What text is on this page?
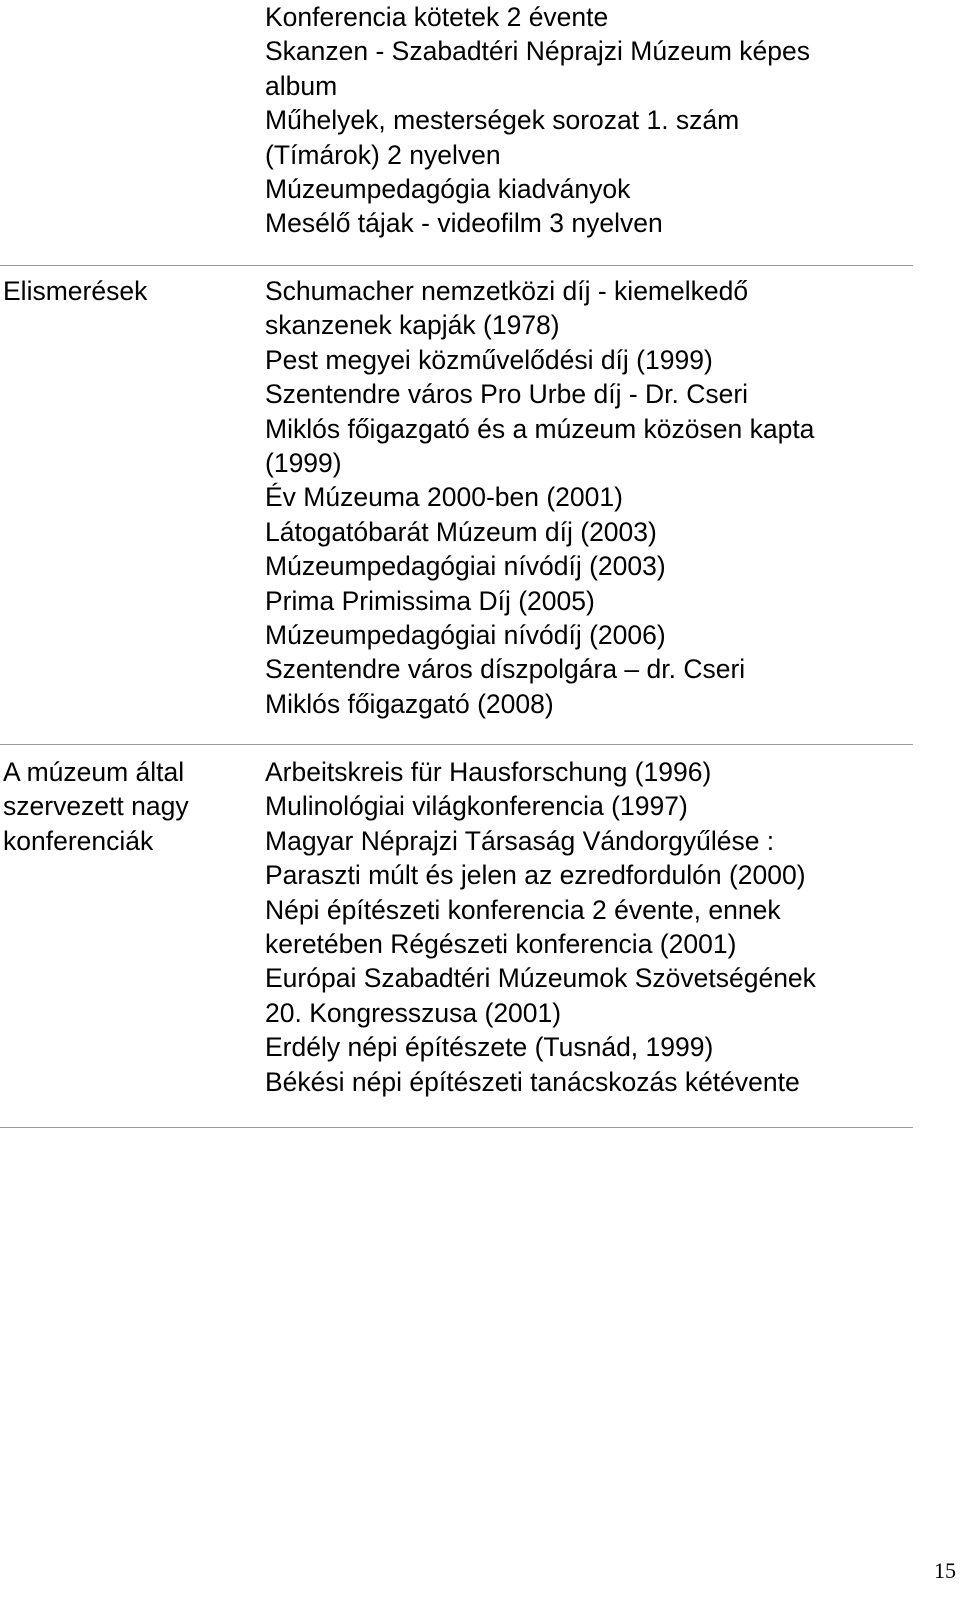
Konferencia kötetek 2 évente
Skanzen - Szabadtéri Néprajzi Múzeum képes
album
Műhelyek, mesterségek sorozat 1. szám
(Tímárok) 2 nyelven
Múzeumpedagógia kiadványok
Mesélő tájak - videofilm 3 nyelven
Elismerések	Schumacher nemzetközi díj - kiemelkedő
skanzenek kapják (1978)
Pest megyei közművelődési díj (1999)
Szentendre város Pro Urbe díj - Dr. Cseri
Miklós főigazgató és a múzeum közösen kapta
(1999)
Év Múzeuma 2000-ben (2001)
Látogatóbarát Múzeum díj (2003)
Múzeumpedagógiai nívódíj (2003)
Prima Primissima Díj (2005)
Múzeumpedagógiai nívódíj (2006)
Szentendre város díszpolgára – dr. Cseri
Miklós főigazgató (2008)
A múzeum által
szervezett nagy
konferenciák
Arbeitskreis für Hausforschung (1996)
Mulinológiai világkonferencia (1997)
Magyar Néprajzi Társaság Vándorgyűlése :
Paraszti múlt és jelen az ezredfordulón (2000)
Népi építészeti konferencia 2 évente, ennek
keretében Régészeti konferencia (2001)
Európai Szabadtéri Múzeumok Szövetségének
20. Kongresszusa (2001)
Erdély népi építészete (Tusnád, 1999)
Békési népi építészeti tanácskozás kétévente
15
